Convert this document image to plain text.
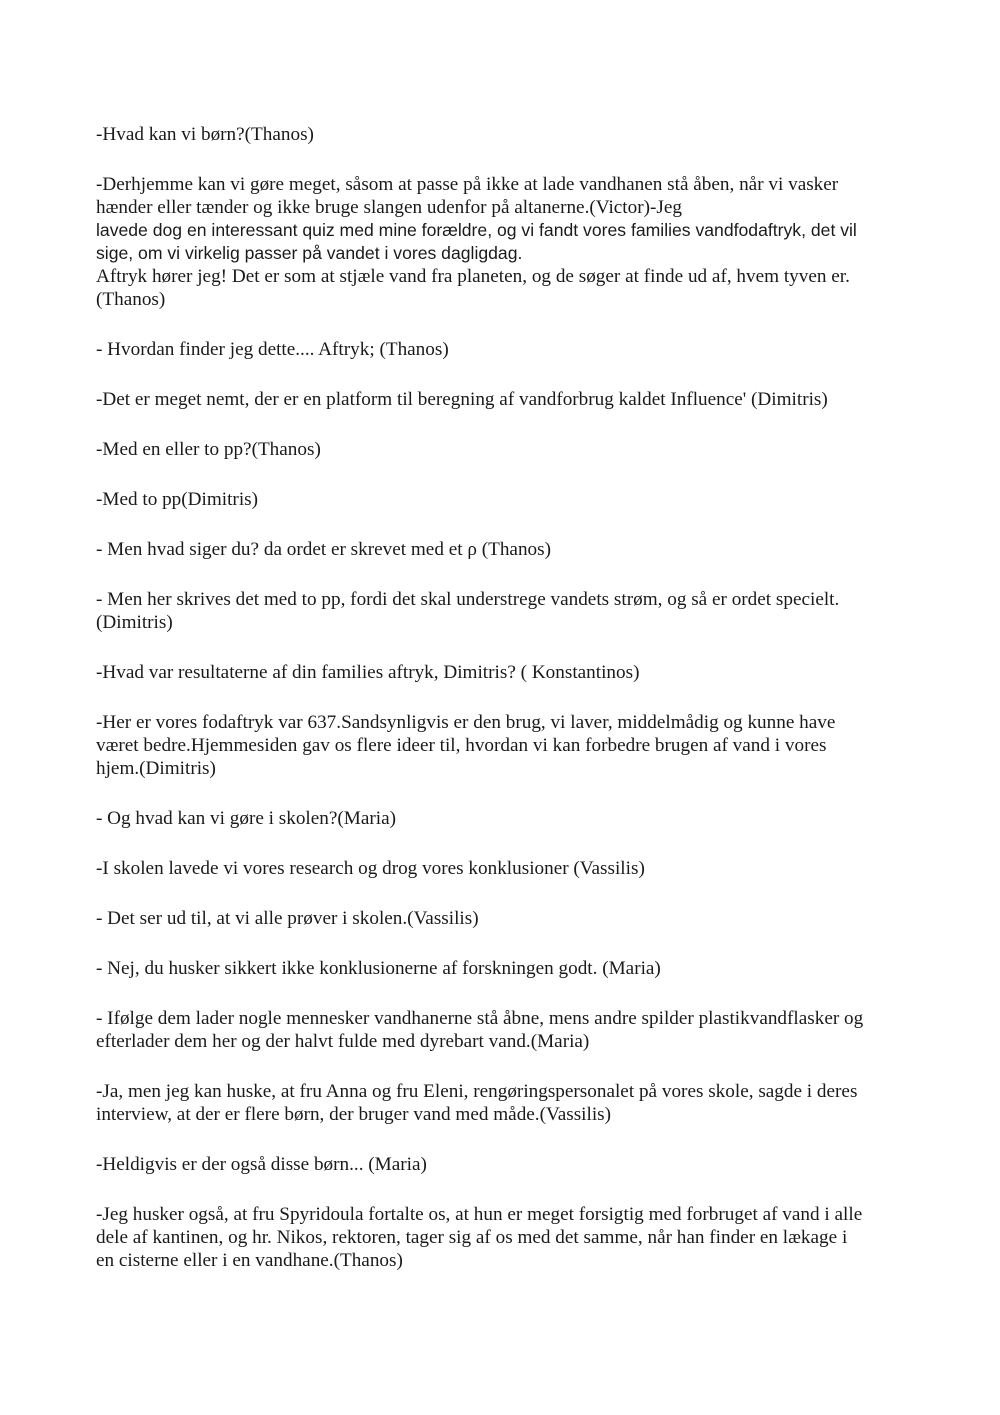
-Hvad kan vi børn?(Thanos)

-Derhjemme kan vi gøre meget, såsom at passe på ikke at lade vandhanen stå åben, når vi vasker
hænder eller tænder og ikke bruge slangen udenfor på altanerne.(Victor)-Jeg
lavede dog en interessant quiz med mine forældre, og vi fandt vores families vandfodaftryk, det vil
sige, om vi virkelig passer på vandet i vores dagligdag.
Aftryk hører jeg! Det er som at stjæle vand fra planeten, og de søger at finde ud af, hvem tyven er.
(Thanos)

- Hvordan finder jeg dette.... Aftryk; (Thanos)

-Det er meget nemt, der er en platform til beregning af vandforbrug kaldet Influence' (Dimitris)

-Med en eller to pp?(Thanos)

-Med to pp(Dimitris)

- Men hvad siger du? da ordet er skrevet med et ρ (Thanos)

- Men her skrives det med to pp, fordi det skal understrege vandets strøm, og så er ordet specielt.
(Dimitris)

-Hvad var resultaterne af din families aftryk, Dimitris? ( Konstantinos)

-Her er vores fodaftryk var 637.Sandsynligvis er den brug, vi laver, middelmådig og kunne have
været bedre.Hjemmesiden gav os flere ideer til, hvordan vi kan forbedre brugen af vand i vores
hjem.(Dimitris)

- Og hvad kan vi gøre i skolen?(Maria)

-I skolen lavede vi vores research og drog vores konklusioner (Vassilis)

- Det ser ud til, at vi alle prøver i skolen.(Vassilis)

- Nej, du husker sikkert ikke konklusionerne af forskningen godt. (Maria)

- Ifølge dem lader nogle mennesker vandhanerne stå åbne, mens andre spilder plastikvandflasker og
efterlader dem her og der halvt fulde med dyrebart vand.(Maria)

-Ja, men jeg kan huske, at fru Anna og fru Eleni, rengøringspersonalet på vores skole, sagde i deres
interview, at der er flere børn, der bruger vand med måde.(Vassilis)

-Heldigvis er der også disse børn... (Maria)

-Jeg husker også, at fru Spyridoula fortalte os, at hun er meget forsigtig med forbruget af vand i alle
dele af kantinen, og hr. Nikos, rektoren, tager sig af os med det samme, når han finder en lækage i
en cisterne eller i en vandhane.(Thanos)
